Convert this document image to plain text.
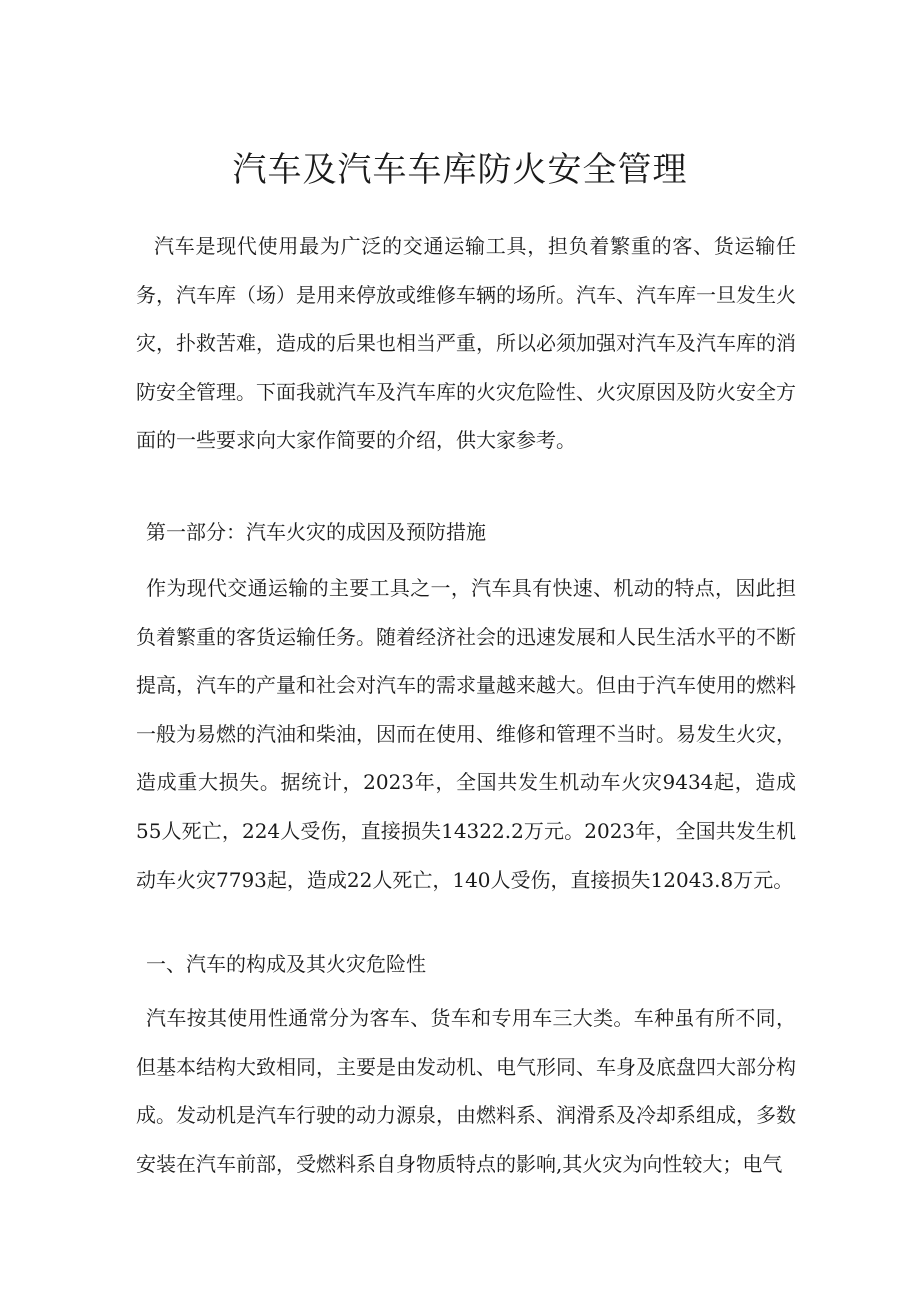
汽车及汽车车库防火安全管理

汽车是现代使用最为广泛的交通运输工具，担负着繁重的客、货运输任务，汽车库（场）是用来停放或维修车辆的场所。汽车、汽车库一旦发生火灾，扑救苦难，造成的后果也相当严重，所以必须加强对汽车及汽车库的消防安全管理。下面我就汽车及汽车库的火灾危险性、火灾原因及防火安全方面的一些要求向大家作简要的介绍，供大家参考。

第一部分：汽车火灾的成因及预防措施

作为现代交通运输的主要工具之一，汽车具有快速、机动的特点，因此担负着繁重的客货运输任务。随着经济社会的迅速发展和人民生活水平的不断提高，汽车的产量和社会对汽车的需求量越来越大。但由于汽车使用的燃料一般为易燃的汽油和柴油，因而在使用、维修和管理不当时。易发生火灾，造成重大损失。据统计，2023年，全国共发生机动车火灾9434起，造成55人死亡，224人受伤，直接损失14322.2万元。2023年，全国共发生机动车火灾7793起，造成22人死亡，140人受伤，直接损失12043.8万元。

一、汽车的构成及其火灾危险性

汽车按其使用性通常分为客车、货车和专用车三大类。车种虽有所不同，但基本结构大致相同，主要是由发动机、电气形同、车身及底盘四大部分构成。发动机是汽车行驶的动力源泉，由燃料系、润滑系及冷却系组成，多数安装在汽车前部，受燃料系自身物质特点的影响,其火灾为向性较大；电气
